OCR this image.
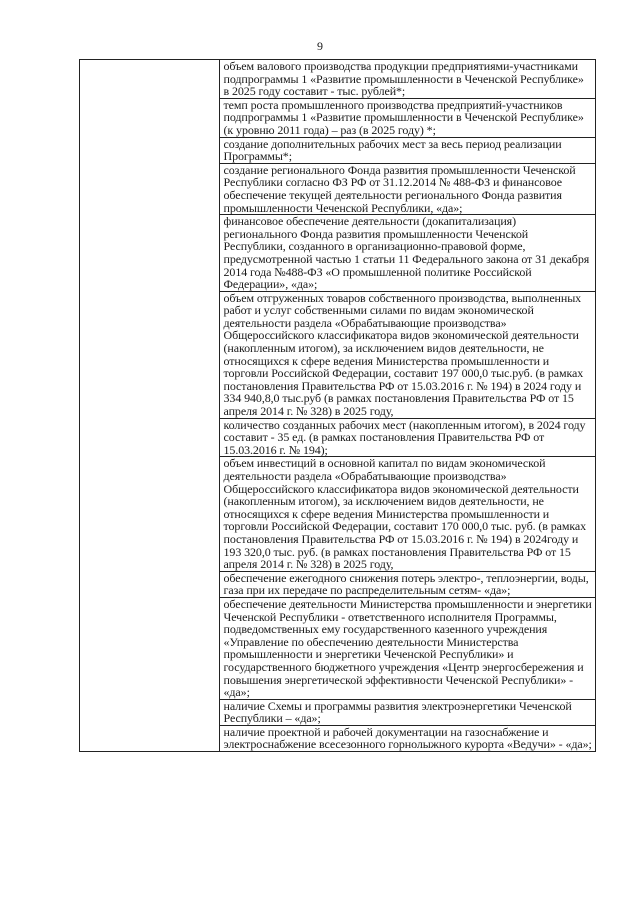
9

объем валового производства продукции предприятиями-участниками подпрограммы 1 «Развитие промышленности в Чеченской Республике» в 2025 году составит - тыс. рублей*;

темп роста промышленного производства предприятий-участников подпрограммы 1 «Развитие промышленности в Чеченской Республике» (к уровню 2011 года) – раз (в 2025 году) *;

создание дополнительных рабочих мест за весь период реализации Программы*;

создание регионального Фонда развития промышленности Чеченской Республики согласно ФЗ РФ от 31.12.2014 № 488-ФЗ и финансовое обеспечение текущей деятельности регионального Фонда развития промышленности Чеченской Республики, «да»;

финансовое обеспечение деятельности (докапитализация) регионального Фонда развития промышленности Чеченской Республики, созданного в организационно-правовой форме, предусмотренной частью 1 статьи 11 Федерального закона от 31 декабря 2014 года №488-ФЗ «О промышленной политике Российской Федерации», «да»;

объем отгруженных товаров собственного производства, выполненных работ и услуг собственными силами по видам экономической деятельности раздела «Обрабатывающие производства» Общероссийского классификатора видов экономической деятельности (накопленным итогом), за исключением видов деятельности, не относящихся к сфере ведения Министерства промышленности и торговли Российской Федерации, составит 197 000,0 тыс.руб. (в рамках постановления Правительства РФ от 15.03.2016 г. № 194) в 2024 году и 334 940,8,0 тыс.руб (в рамках постановления Правительства РФ от 15 апреля 2014 г. № 328) в 2025 году,

количество созданных рабочих мест (накопленным итогом), в 2024 году составит - 35 ед. (в рамках постановления Правительства РФ от 15.03.2016 г. № 194);

объем инвестиций в основной капитал по видам экономической деятельности раздела «Обрабатывающие производства» Общероссийского классификатора видов экономической деятельности (накопленным итогом), за исключением видов деятельности, не относящихся к сфере ведения Министерства промышленности и торговли Российской Федерации, составит 170 000,0 тыс. руб. (в рамках постановления Правительства РФ от 15.03.2016 г. № 194) в 2024году и 193 320,0 тыс. руб. (в рамках постановления Правительства РФ от 15 апреля 2014 г. № 328) в 2025 году,

обеспечение ежегодного снижения потерь электро-, теплоэнергии, воды, газа при их передаче по распределительным сетям- «да»;

обеспечение деятельности Министерства промышленности и энергетики Чеченской Республики - ответственного исполнителя Программы, подведомственных ему государственного казенного учреждения «Управление по обеспечению деятельности Министерства промышленности и энергетики Чеченской Республики» и государственного бюджетного учреждения «Центр энергосбережения и повышения энергетической эффективности Чеченской Республики» - «да»;

наличие Схемы и программы развития электроэнергетики Чеченской Республики – «да»;

наличие проектной и рабочей документации на газоснабжение и электроснабжение всесезонного горнолыжного курорта «Ведучи» - «да»;
